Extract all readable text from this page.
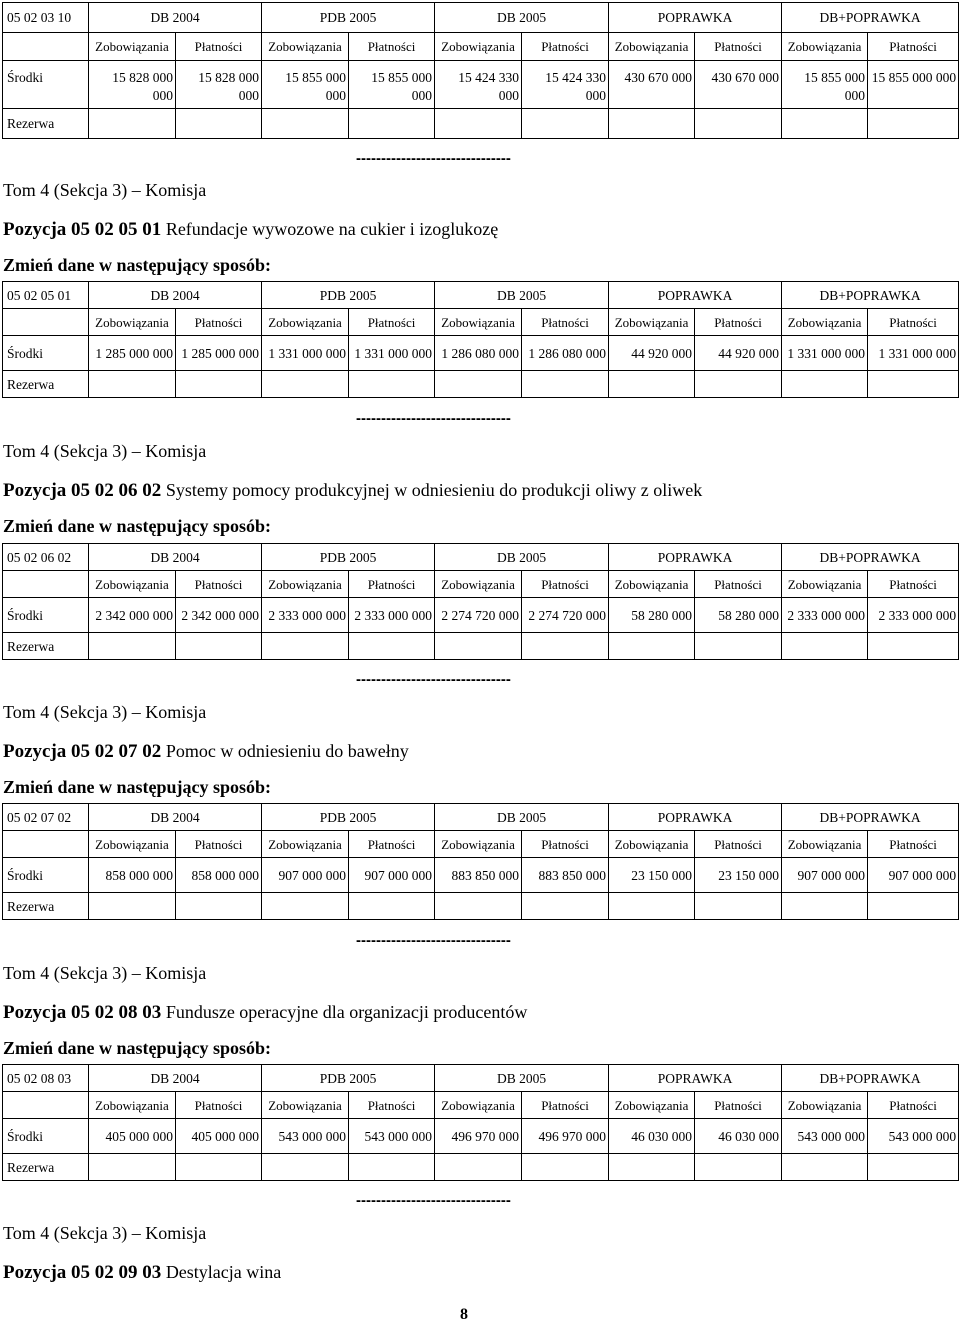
05 02 03 10	DB 2004		PDB 2005		DB 2005		POPRAWKA		DB+POPRAWKA	
	Zobowiązania	Płatności	Zobowiązania	Płatności	Zobowiązania	Płatności	Zobowiązania	Płatności	Zobowiązania	Płatności
Środki	15 828 000 000	15 828 000 000	15 855 000 000	15 855 000 000	15 424 330 000	15 424 330 000	430 670 000	430 670 000	15 855 000 000	15 855 000 000
Rezerwa										
-------------------------------
Tom 4 (Sekcja 3) – Komisja
Pozycja 05 02 05 01 Refundacje wywozowe na cukier i izoglukozę
Zmień dane w następujący sposób:
05 02 05 01	DB 2004		PDB 2005		DB 2005		POPRAWKA		DB+POPRAWKA	
	Zobowiązania	Płatności	Zobowiązania	Płatności	Zobowiązania	Płatności	Zobowiązania	Płatności	Zobowiązania	Płatności
Środki	1 285 000 000	1 285 000 000	1 331 000 000	1 331 000 000	1 286 080 000	1 286 080 000	44 920 000	44 920 000	1 331 000 000	1 331 000 000
Rezerwa										
-------------------------------
Tom 4 (Sekcja 3) – Komisja
Pozycja 05 02 06 02 Systemy pomocy produkcyjnej w odniesieniu do produkcji oliwy z oliwek
Zmień dane w następujący sposób:
05 02 06 02	DB 2004		PDB 2005		DB 2005		POPRAWKA		DB+POPRAWKA	
	Zobowiązania	Płatności	Zobowiązania	Płatności	Zobowiązania	Płatności	Zobowiązania	Płatności	Zobowiązania	Płatności
Środki	2 342 000 000	2 342 000 000	2 333 000 000	2 333 000 000	2 274 720 000	2 274 720 000	58 280 000	58 280 000	2 333 000 000	2 333 000 000
Rezerwa										
-------------------------------
Tom 4 (Sekcja 3) – Komisja
Pozycja 05 02 07 02 Pomoc w odniesieniu do bawełny
Zmień dane w następujący sposób:
05 02 07 02	DB 2004		PDB 2005		DB 2005		POPRAWKA		DB+POPRAWKA	
	Zobowiązania	Płatności	Zobowiązania	Płatności	Zobowiązania	Płatności	Zobowiązania	Płatności	Zobowiązania	Płatności
Środki	858 000 000	858 000 000	907 000 000	907 000 000	883 850 000	883 850 000	23 150 000	23 150 000	907 000 000	907 000 000
Rezerwa										
-------------------------------
Tom 4 (Sekcja 3) – Komisja
Pozycja 05 02 08 03 Fundusze operacyjne dla organizacji producentów
Zmień dane w następujący sposób:
05 02 08 03	DB 2004		PDB 2005		DB 2005		POPRAWKA		DB+POPRAWKA	
	Zobowiązania	Płatności	Zobowiązania	Płatności	Zobowiązania	Płatności	Zobowiązania	Płatności	Zobowiązania	Płatności
Środki	405 000 000	405 000 000	543 000 000	543 000 000	496 970 000	496 970 000	46 030 000	46 030 000	543 000 000	543 000 000
Rezerwa										
-------------------------------
Tom 4 (Sekcja 3) – Komisja
Pozycja 05 02 09 03 Destylacja wina
8
